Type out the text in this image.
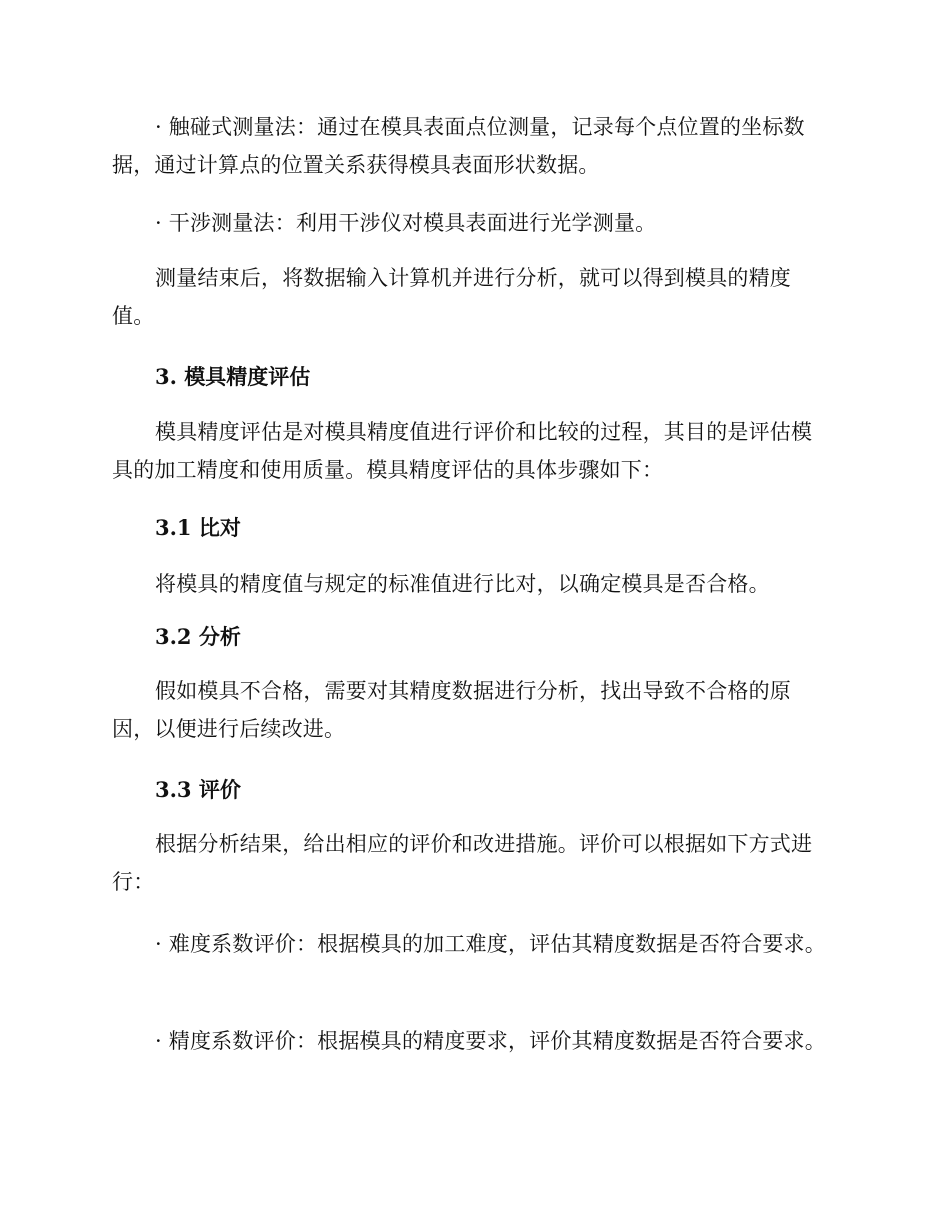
· 触碰式测量法：通过在模具表面点位测量，记录每个点位置的坐标数据，通过计算点的位置关系获得模具表面形状数据。

· 干涉测量法：利用干涉仪对模具表面进行光学测量。

测量结束后，将数据输入计算机并进行分析，就可以得到模具的精度值。

3. 模具精度评估

模具精度评估是对模具精度值进行评价和比较的过程，其目的是评估模具的加工精度和使用质量。模具精度评估的具体步骤如下：

3.1 比对

将模具的精度值与规定的标准值进行比对，以确定模具是否合格。

3.2 分析

假如模具不合格，需要对其精度数据进行分析，找出导致不合格的原因，以便进行后续改进。

3.3 评价

根据分析结果，给出相应的评价和改进措施。评价可以根据如下方式进行：

· 难度系数评价：根据模具的加工难度，评估其精度数据是否符合要求。

· 精度系数评价：根据模具的精度要求，评价其精度数据是否符合要求。
